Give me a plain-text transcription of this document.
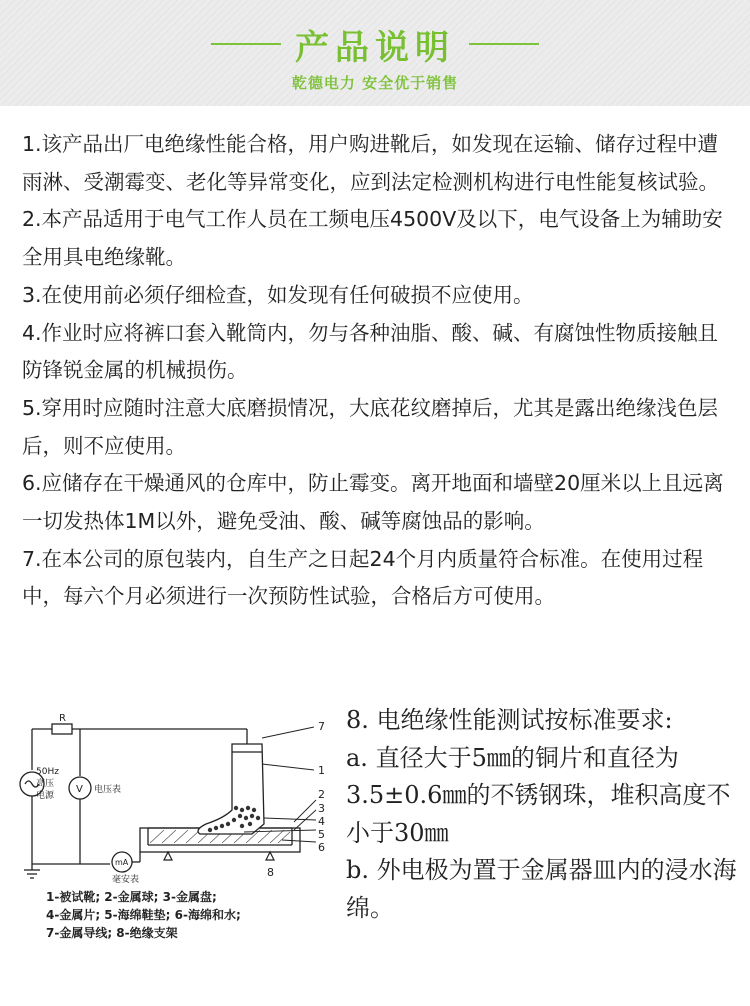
产品说明
乾德电力 安全优于销售

1.该产品出厂电绝缘性能合格，用户购进靴后，如发现在运输、储存过程中遭雨淋、受潮霉变、老化等异常变化，应到法定检测机构进行电性能复核试验。

2.本产品适用于电气工作人员在工频电压4500V及以下，电气设备上为辅助安全用具电绝缘靴。

3.在使用前必须仔细检查，如发现有任何破损不应使用。

4.作业时应将裤口套入靴筒内，勿与各种油脂、酸、碱、有腐蚀性物质接触且防锋锐金属的机械损伤。

5.穿用时应随时注意大底磨损情况，大底花纹磨掉后，尤其是露出绝缘浅色层后，则不应使用。

6.应储存在干燥通风的仓库中，防止霉变。离开地面和墙壁20厘米以上且远离一切发热体1M以外，避免受油、酸、碱等腐蚀品的影响。

7.在本公司的原包装内，自生产之日起24个月内质量符合标准。在使用过程中，每六个月必须进行一次预防性试验，合格后方可使用。

R
50Hz
高压
电源
V 电压表
mA
毫安表
7
1
2
3
4
5
6
8
1-被试靴; 2-金属球; 3-金属盘;
4-金属片; 5-海绵鞋垫; 6-海绵和水;
7-金属导线; 8-绝缘支架

8. 电绝缘性能测试按标准要求:

a. 直径大于5㎜的铜片和直径为3.5±0.6㎜的不锈钢珠，堆积高度不小于30㎜

b. 外电极为置于金属器皿内的浸水海绵。
